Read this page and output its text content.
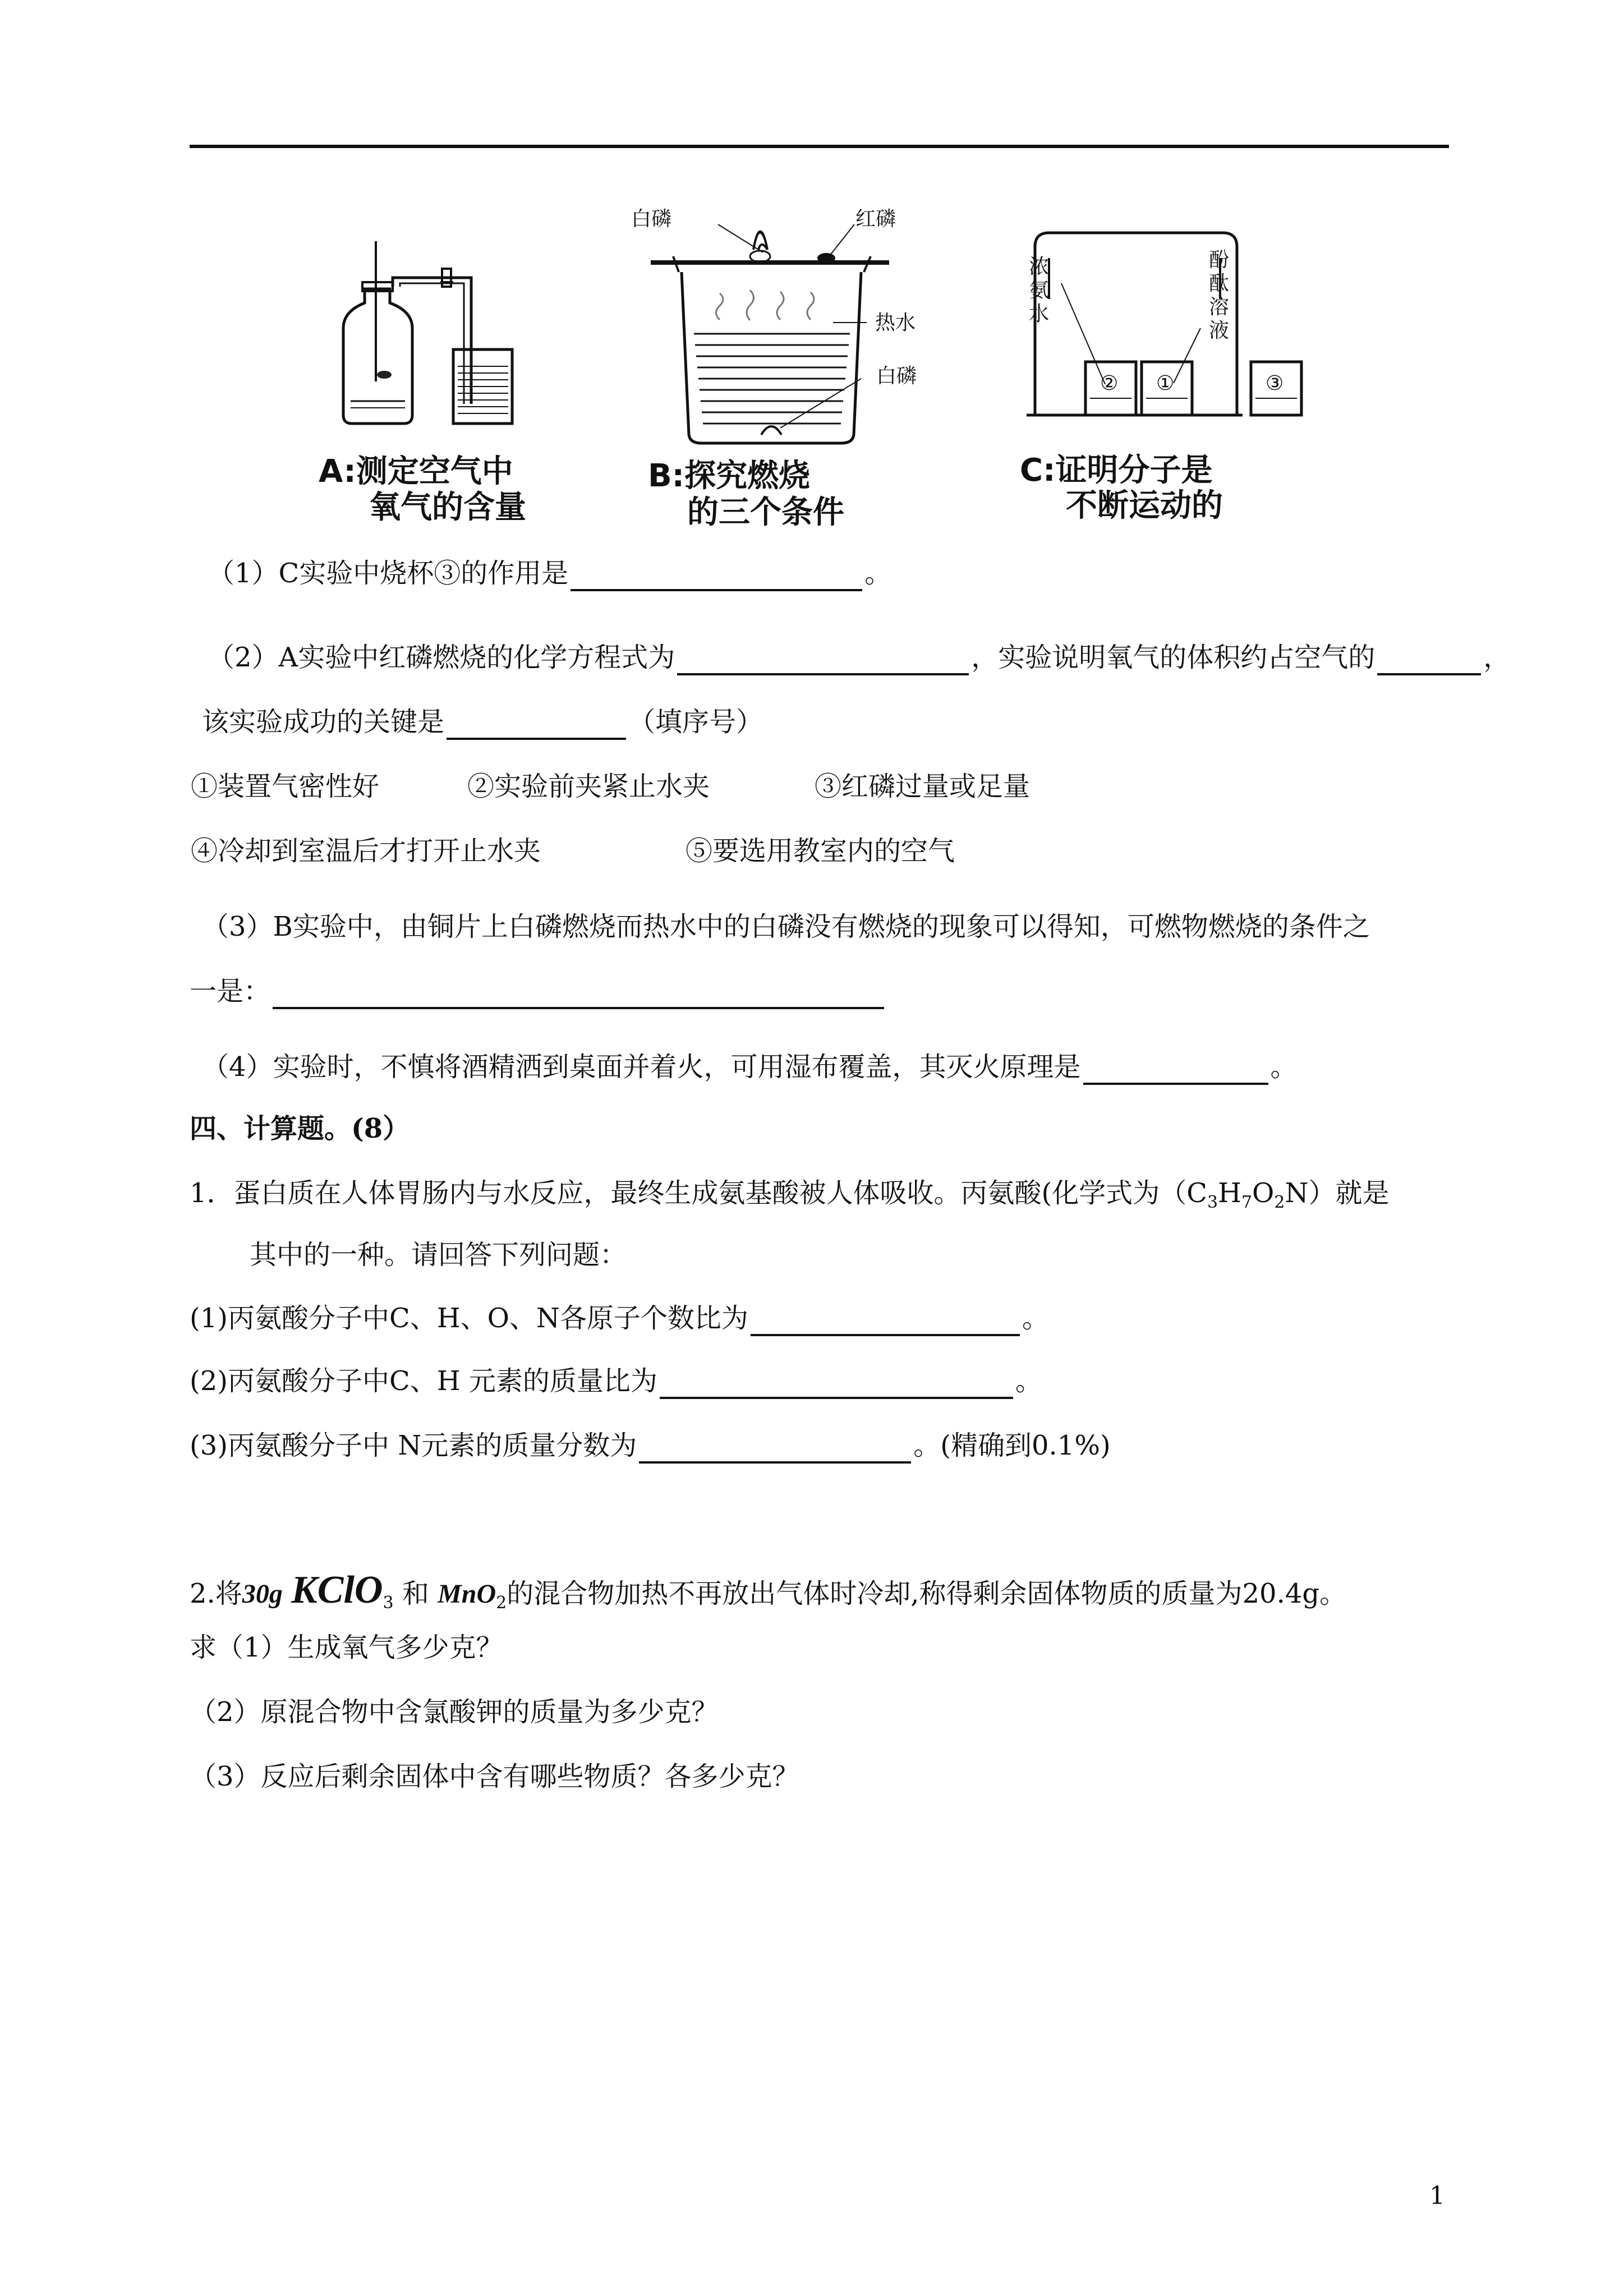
A:测定空气中
氧气的含量
白磷	红磷
热水
白磷
B:探究燃烧
的三个条件
浓氨水
酚酞溶液
② ①	③
C:证明分子是
不断运动的
（1）C实验中烧杯③的作用是	。
（2）A实验中红磷燃烧的化学方程式为	，实验说明氧气的体积约占空气的	，
该实验成功的关键是	（填序号）
①装置气密性好	②实验前夹紧止水夹	③红磷过量或足量
④冷却到室温后才打开止水夹	⑤要选用教室内的空气
（3）B实验中，由铜片上白磷燃烧而热水中的白磷没有燃烧的现象可以得知，可燃物燃烧的条件之
一是：
（4）实验时，不慎将酒精洒到桌面并着火，可用湿布覆盖，其灭火原理是	。
四、计算题。(8）
1．蛋白质在人体胃肠内与水反应，最终生成氨基酸被人体吸收。丙氨酸(化学式为$(C_3H_7O_2N)$就是
其中的一种。请回答下列问题：
(1)丙氨酸分子中C、H、O、N各原子个数比为	。
(2)丙氨酸分子中C、H 元素的质量比为	。
(3)丙氨酸分子中 N元素的质量分数为	。(精确到0.1%)
2.将30g KClO$_3$ 和 MnO$_2$的混合物加热不再放出气体时冷却,称得剩余固体物质的质量为20.4g。
求（1）生成氧气多少克？
（2）原混合物中含氯酸钾的质量为多少克？
（3）反应后剩余固体中含有哪些物质？各多少克？
1
